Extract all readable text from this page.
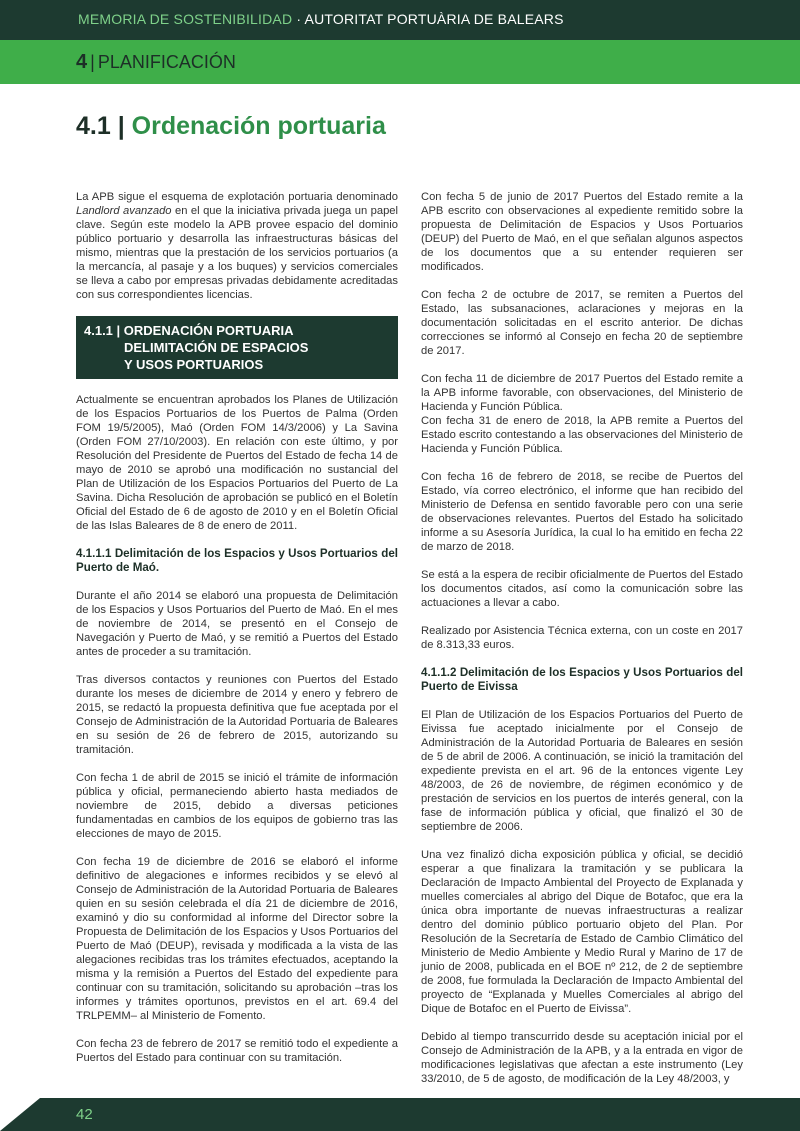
MEMORIA DE SOSTENIBILIDAD · AUTORITAT PORTUÀRIA DE BALEARS
4 | PLANIFICACIÓN
4.1 | Ordenación portuaria

La APB sigue el esquema de explotación portuaria denominado Landlord avanzado en el que la iniciativa privada juega un papel clave. Según este modelo la APB provee espacio del dominio público portuario y desarrolla las infraestructuras básicas del mismo, mientras que la prestación de los servicios portuarios (a la mercancía, al pasaje y a los buques) y servicios comerciales se lleva a cabo por empresas privadas debidamente acreditadas con sus correspondientes licencias.

4.1.1 | ORDENACIÓN PORTUARIA
DELIMITACIÓN DE ESPACIOS
Y USOS PORTUARIOS

Actualmente se encuentran aprobados los Planes de Utilización de los Espacios Portuarios de los Puertos de Palma (Orden FOM 19/5/2005), Maó (Orden FOM 14/3/2006) y La Savina (Orden FOM 27/10/2003). En relación con este último, y por Resolución del Presidente de Puertos del Estado de fecha 14 de mayo de 2010 se aprobó una modificación no sustancial del Plan de Utilización de los Espacios Portuarios del Puerto de La Savina. Dicha Resolución de aprobación se publicó en el Boletín Oficial del Estado de 6 de agosto de 2010 y en el Boletín Oficial de las Islas Baleares de 8 de enero de 2011.

4.1.1.1 Delimitación de los Espacios y Usos Portuarios del Puerto de Maó.

Durante el año 2014 se elaboró una propuesta de Delimitación de los Espacios y Usos Portuarios del Puerto de Maó. En el mes de noviembre de 2014, se presentó en el Consejo de Navegación y Puerto de Maó, y se remitió a Puertos del Estado antes de proceder a su tramitación.

Tras diversos contactos y reuniones con Puertos del Estado durante los meses de diciembre de 2014 y enero y febrero de 2015, se redactó la propuesta definitiva que fue aceptada por el Consejo de Administración de la Autoridad Portuaria de Baleares en su sesión de 26 de febrero de 2015, autorizando su tramitación.

Con fecha 1 de abril de 2015 se inició el trámite de información pública y oficial, permaneciendo abierto hasta mediados de noviembre de 2015, debido a diversas peticiones fundamentadas en cambios de los equipos de gobierno tras las elecciones de mayo de 2015.

Con fecha 19 de diciembre de 2016 se elaboró el informe definitivo de alegaciones e informes recibidos y se elevó al Consejo de Administración de la Autoridad Portuaria de Baleares quien en su sesión celebrada el día 21 de diciembre de 2016, examinó y dio su conformidad al informe del Director sobre la Propuesta de Delimitación de los Espacios y Usos Portuarios del Puerto de Maó (DEUP), revisada y modificada a la vista de las alegaciones recibidas tras los trámites efectuados, aceptando la misma y la remisión a Puertos del Estado del expediente para continuar con su tramitación, solicitando su aprobación –tras los informes y trámites oportunos, previstos en el art. 69.4 del TRLPEMM– al Ministerio de Fomento.

Con fecha 23 de febrero de 2017 se remitió todo el expediente a Puertos del Estado para continuar con su tramitación.

Con fecha 5 de junio de 2017 Puertos del Estado remite a la APB escrito con observaciones al expediente remitido sobre la propuesta de Delimitación de Espacios y Usos Portuarios (DEUP) del Puerto de Maó, en el que señalan algunos aspectos de los documentos que a su entender requieren ser modificados.

Con fecha 2 de octubre de 2017, se remiten a Puertos del Estado, las subsanaciones, aclaraciones y mejoras en la documentación solicitadas en el escrito anterior. De dichas correcciones se informó al Consejo en fecha 20 de septiembre de 2017.

Con fecha 11 de diciembre de 2017 Puertos del Estado remite a la APB informe favorable, con observaciones, del Ministerio de Hacienda y Función Pública.

Con fecha 31 de enero de 2018, la APB remite a Puertos del Estado escrito contestando a las observaciones del Ministerio de Hacienda y Función Pública.

Con fecha 16 de febrero de 2018, se recibe de Puertos del Estado, vía correo electrónico, el informe que han recibido del Ministerio de Defensa en sentido favorable pero con una serie de observaciones relevantes. Puertos del Estado ha solicitado informe a su Asesoría Jurídica, la cual lo ha emitido en fecha 22 de marzo de 2018.

Se está a la espera de recibir oficialmente de Puertos del Estado los documentos citados, así como la comunicación sobre las actuaciones a llevar a cabo.

Realizado por Asistencia Técnica externa, con un coste en 2017 de 8.313,33 euros.

4.1.1.2 Delimitación de los Espacios y Usos Portuarios del Puerto de Eivissa

El Plan de Utilización de los Espacios Portuarios del Puerto de Eivissa fue aceptado inicialmente por el Consejo de Administración de la Autoridad Portuaria de Baleares en sesión de 5 de abril de 2006. A continuación, se inició la tramitación del expediente prevista en el art. 96 de la entonces vigente Ley 48/2003, de 26 de noviembre, de régimen económico y de prestación de servicios en los puertos de interés general, con la fase de información pública y oficial, que finalizó el 30 de septiembre de 2006.

Una vez finalizó dicha exposición pública y oficial, se decidió esperar a que finalizara la tramitación y se publicara la Declaración de Impacto Ambiental del Proyecto de Explanada y muelles comerciales al abrigo del Dique de Botafoc, que era la única obra importante de nuevas infraestructuras a realizar dentro del dominio público portuario objeto del Plan. Por Resolución de la Secretaría de Estado de Cambio Climático del Ministerio de Medio Ambiente y Medio Rural y Marino de 17 de junio de 2008, publicada en el BOE nº 212, de 2 de septiembre de 2008, fue formulada la Declaración de Impacto Ambiental del proyecto de “Explanada y Muelles Comerciales al abrigo del Dique de Botafoc en el Puerto de Eivissa”.

Debido al tiempo transcurrido desde su aceptación inicial por el Consejo de Administración de la APB, y a la entrada en vigor de modificaciones legislativas que afectan a este instrumento (Ley 33/2010, de 5 de agosto, de modificación de la Ley 48/2003, y

42
